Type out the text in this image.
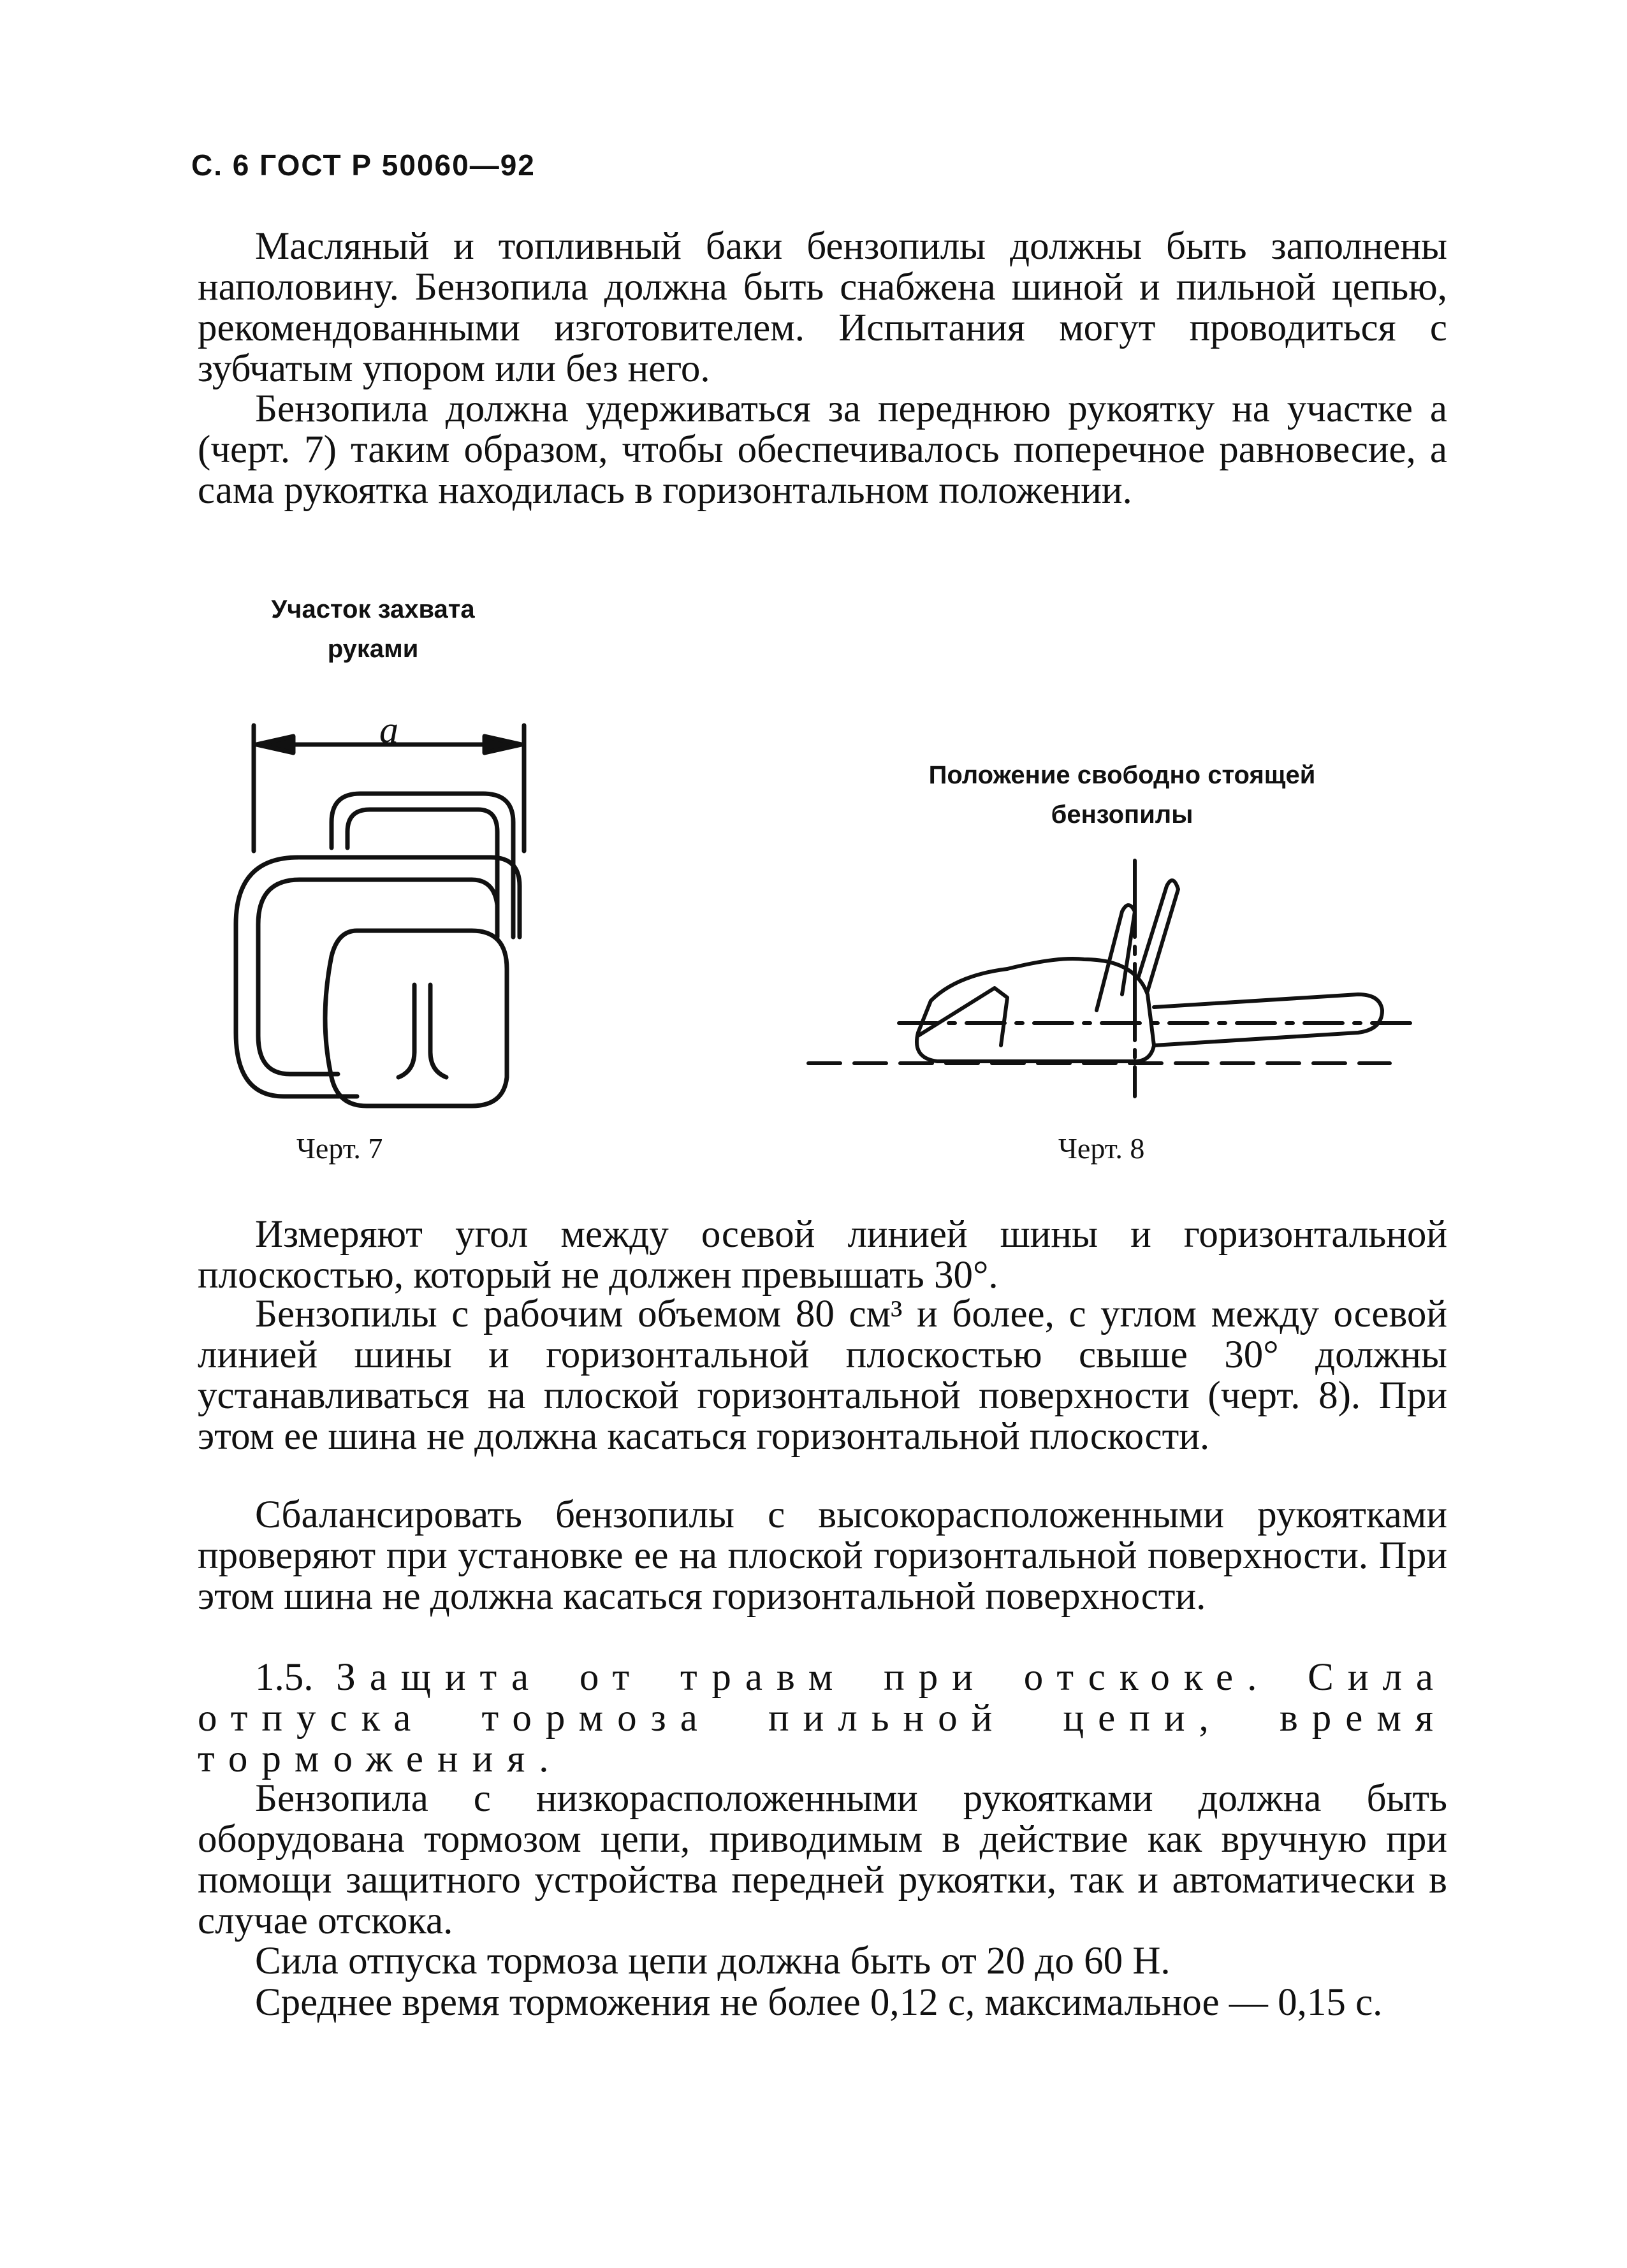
С. 6 ГОСТ Р 50060—92

Масляный и топливный баки бензопилы должны быть заполнены наполовину. Бензопила должна быть снабжена шиной и пильной цепью, рекомендованными изготовителем. Испытания могут проводиться с зубчатым упором или без него.

Бензопила должна удерживаться за переднюю рукоятку на участке a (черт. 7) таким образом, чтобы обеспечивалось поперечное равновесие, а сама рукоятка находилась в горизонтальном положении.

Участок захвата
руками
a
Положение свободно стоящей
бензопилы
Черт. 7	Черт. 8

Измеряют угол между осевой линией шины и горизонтальной плоскостью, который не должен превышать 30°.

Бензопилы с рабочим объемом 80 см³ и более, с углом между осевой линией шины и горизонтальной плоскостью свыше 30° должны устанавливаться на плоской горизонтальной поверхности (черт. 8). При этом ее шина не должна касаться горизонтальной плоскости.

Сбалансировать бензопилы с высокорасположенными рукоятками проверяют при установке ее на плоской горизонтальной поверхности. При этом шина не должна касаться горизонтальной поверхности.

1.5. Защита от травм при отскоке. Сила отпуска тормоза пильной цепи, время торможения.

Бензопила с низкорасположенными рукоятками должна быть оборудована тормозом цепи, приводимым в действие как вручную при помощи защитного устройства передней рукоятки, так и автоматически в случае отскока.

Сила отпуска тормоза цепи должна быть от 20 до 60 Н.

Среднее время торможения не более 0,12 с, максимальное — 0,15 с.
